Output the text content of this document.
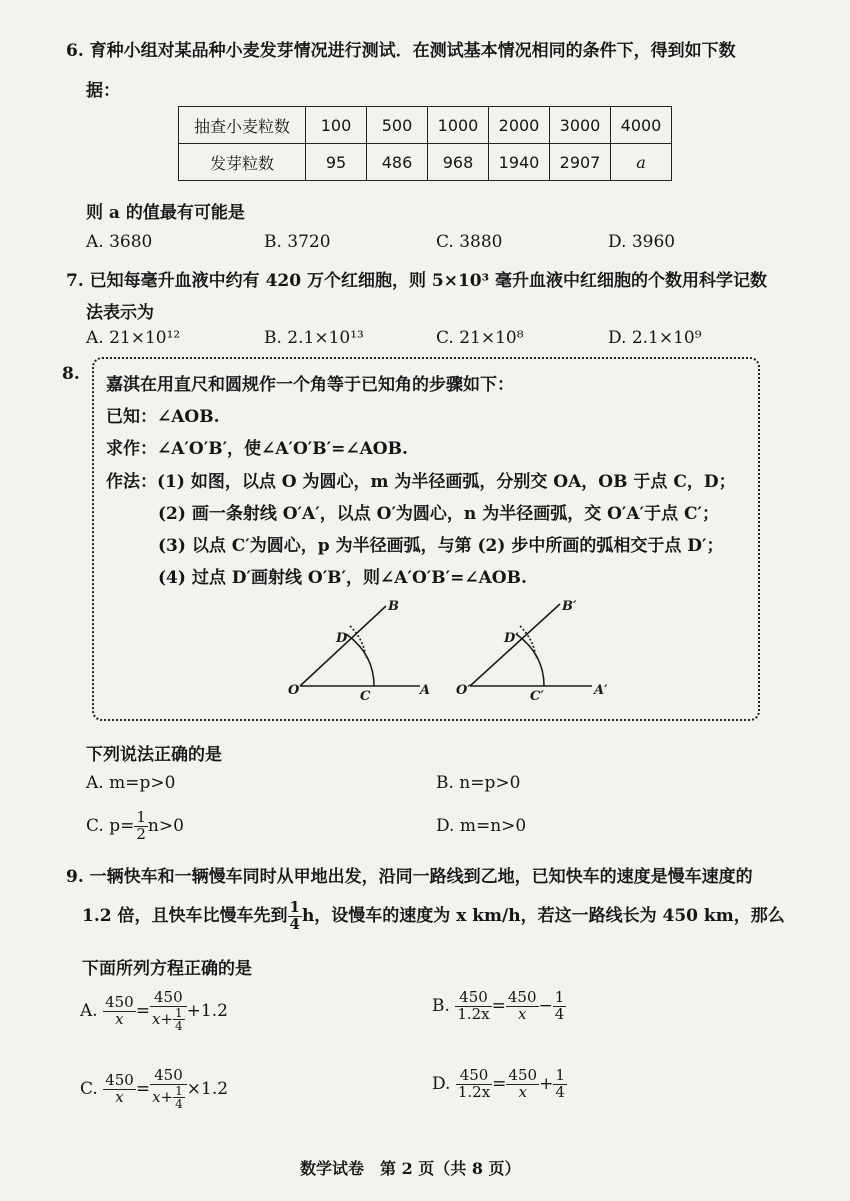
6. 育种小组对某品种小麦发芽情况进行测试．在测试基本情况相同的条件下，得到如下数
据：
抽查小麦粒数	100	500	1000	2000	3000	4000
发芽粒数	95	486	968	1940	2907	a
则 a 的值最有可能是
A. 3680	B. 3720	C. 3880	D. 3960
7. 已知每毫升血液中约有 420 万个红细胞，则 5×10³ 毫升血液中红细胞的个数用科学记数
法表示为
A. 21×10¹²	B. 2.1×10¹³	C. 21×10⁸	D. 2.1×10⁹
8.
嘉淇在用直尺和圆规作一个角等于已知角的步骤如下：
已知：∠AOB.
求作：∠A′O′B′，使∠A′O′B′=∠AOB.
作法：(1) 如图，以点 O 为圆心，m 为半径画弧，分别交 OA，OB 于点 C，D；
(2) 画一条射线 O′A′，以点 O′为圆心，n 为半径画弧，交 O′A′于点 C′；
(3) 以点 C′为圆心，p 为半径画弧，与第 (2) 步中所画的弧相交于点 D′；
(4) 过点 D′画射线 O′B′，则∠A′O′B′=∠AOB.
O	A
B
C
D
O′	A′
B′
C′
D′
下列说法正确的是
A. m=p>0	B. n=p>0
C. $p= \frac{1}{2} n>0$	D. m=n>0
9. 一辆快车和一辆慢车同时从甲地出发，沿同一路线到乙地，已知快车的速度是慢车速度的
1.2 倍，且快车比慢车先到 $\frac{1}{4}$ h，设慢车的速度为 x km/h，若这一路线长为 450 km，那么
下面所列方程正确的是
A. $\frac{450}{x} = \frac{450}{x+ \frac{1}{4}} +1.2$	B. $\frac{450}{1.2x} = \frac{450}{x} - \frac{1}{4}$
C. $\frac{450}{x} = \frac{450}{x+ \frac{1}{4}} \times 1.2$	D. $\frac{450}{1.2x} = \frac{450}{x} + \frac{1}{4}$
数学试卷　第 2 页（共 8 页）
